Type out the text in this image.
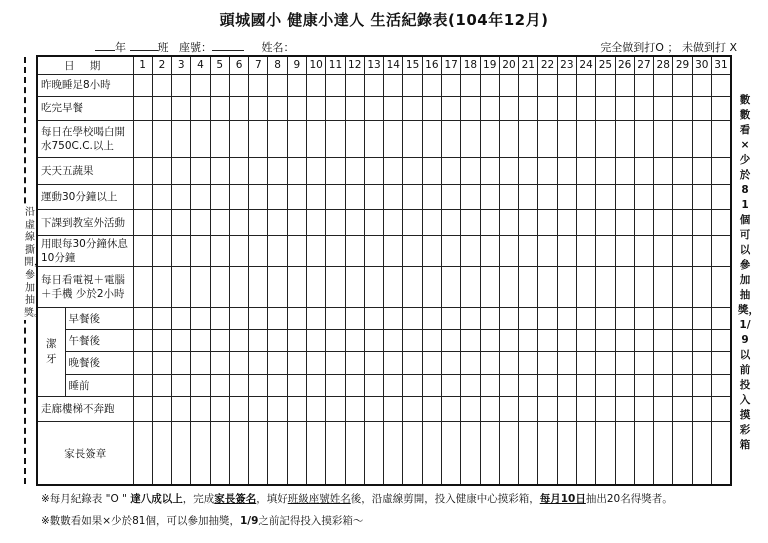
頭城國小 健康小達人 生活紀錄表(104年12月)
年	班 座號：	姓名：	完全做到打O ； 未做到打 X
沿虛線撕開，參加抽獎。
日 期		1	2	3	4	5	6	7	8	9	10	11	12	13	14	15	16	17	18	19	20	21	22	23	24	25	26	27	28	29	30	31
昨晚睡足8小時																																
吃完早餐																																
每日在學校喝白開水750C.C.以上																																
天天五蔬果																																
運動30分鐘以上																																
下課到教室外活動																																
用眼每30分鐘休息10分鐘																																
每日看電視＋電腦＋手機 少於2小時																																
潔牙	早餐後																															
	午餐後																															
	晚餐後																															
	睡前																															
走廊樓梯不奔跑																																
家長簽章																																
數數看×少於81個可以參加抽獎，1/9以前投入摸彩箱
※每月紀錄表 "O " 達八成以上，完成家長簽名，填好班級座號姓名後，沿虛線剪開，投入健康中心摸彩箱，每月10日抽出20名得獎者。
※數數看如果×少於81個，可以參加抽獎，1/9之前記得投入摸彩箱～
